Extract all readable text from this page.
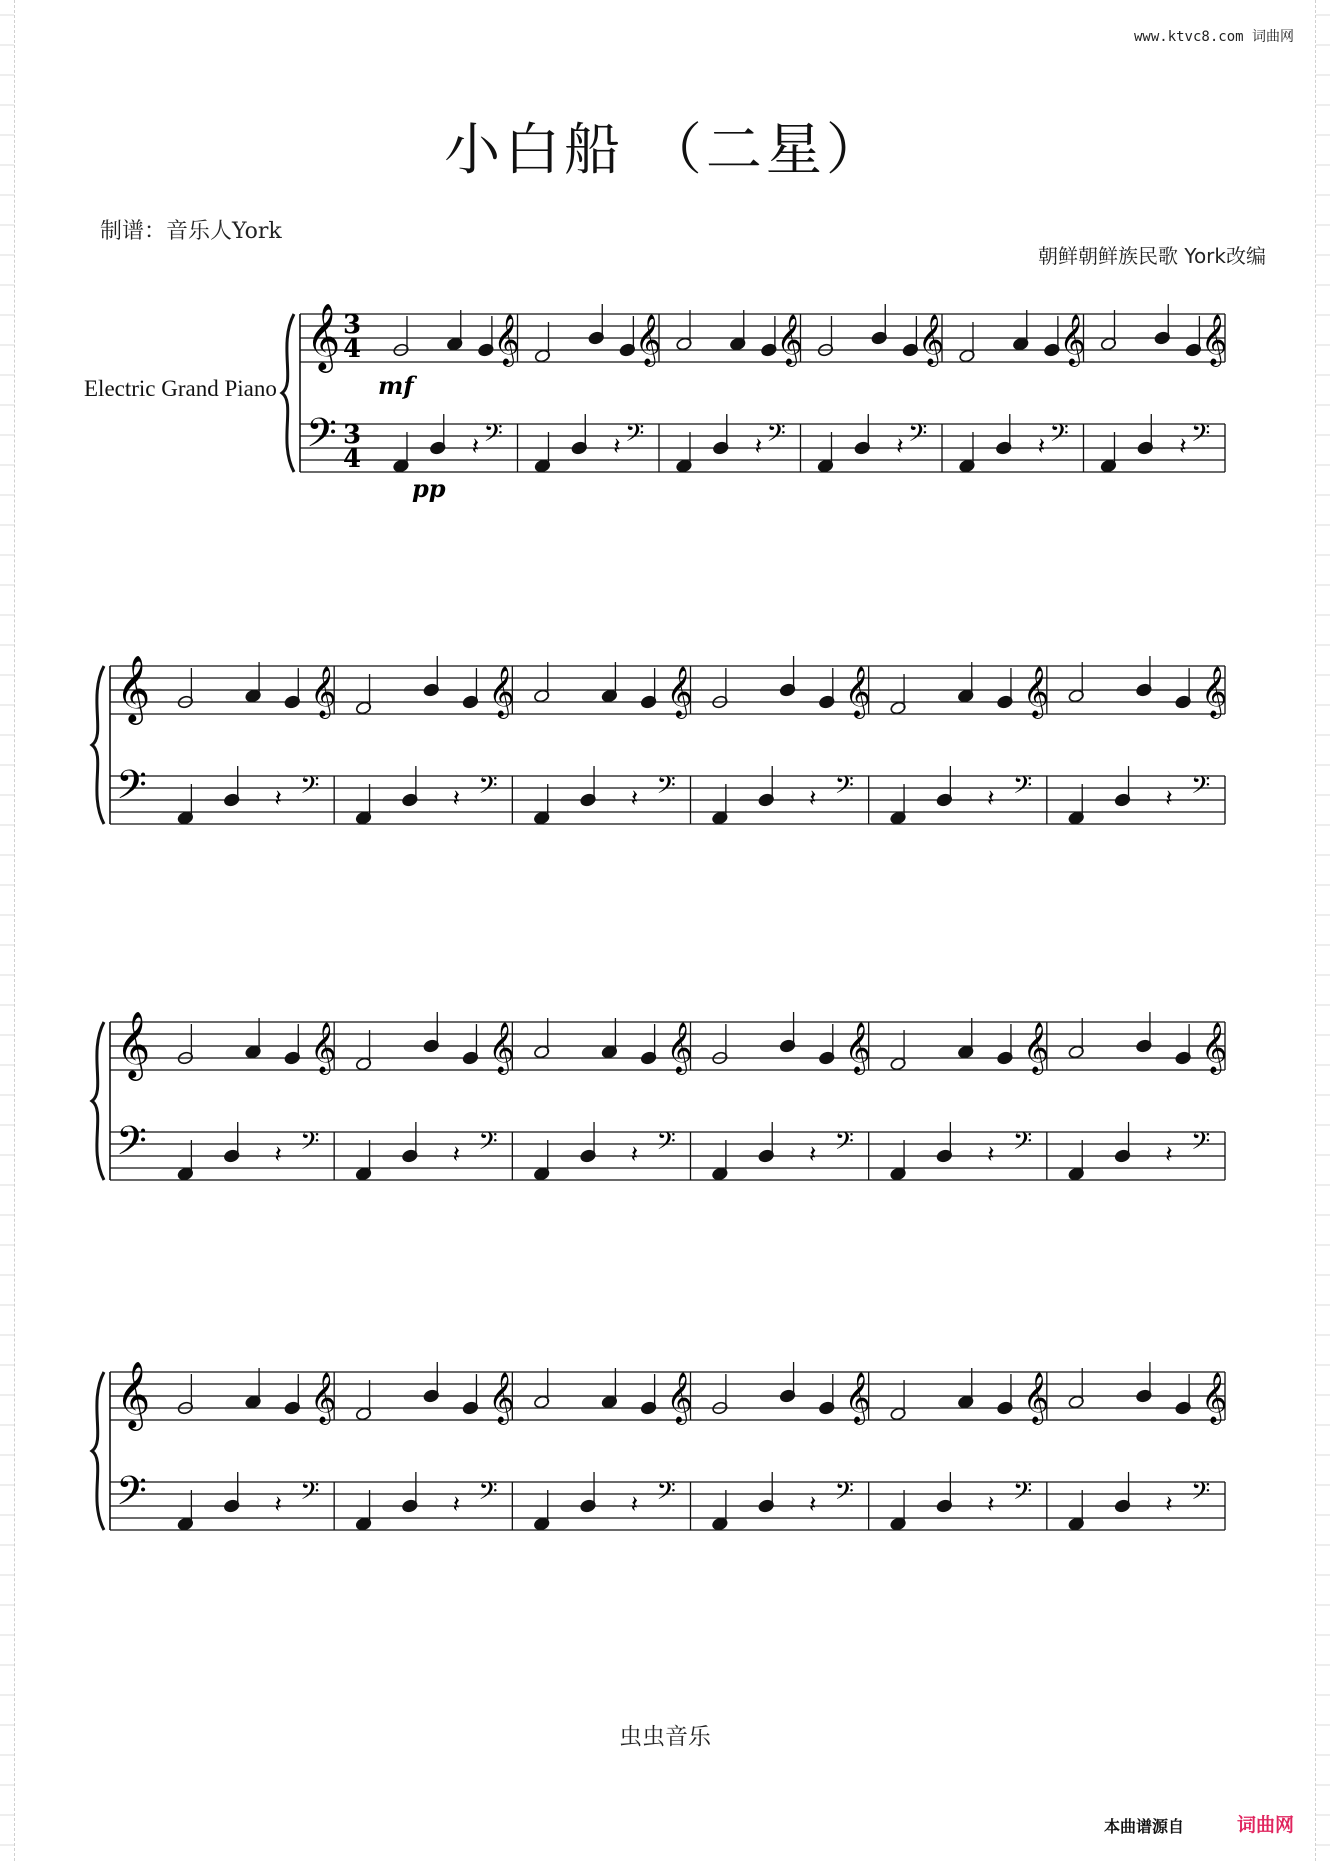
www.ktvc8.com 词曲网
小白船 （二星）
制谱：音乐人York
朝鲜朝鲜族民歌 York改编
Electric Grand Piano
𝄞
𝄢
𝄞
𝄢
𝄽
𝄞
𝄢
𝄽
𝄞
𝄢
𝄽
𝄞
𝄢
𝄽
𝄞
𝄢
𝄽
𝄞
𝄢
𝄽
𝄞
𝄢
𝄞
𝄢
𝄽
𝄞
𝄢
𝄽
𝄞
𝄢
𝄽
𝄞
𝄢
𝄽
𝄞
𝄢
𝄽
𝄞
𝄢
𝄽
𝄞
𝄢
𝄞
𝄢
𝄽
𝄞
𝄢
𝄽
𝄞
𝄢
𝄽
𝄞
𝄢
𝄽
𝄞
𝄢
𝄽
𝄞
𝄢
𝄽
𝄞
𝄢
𝄞
𝄢
𝄽
𝄞
𝄢
𝄽
𝄞
𝄢
𝄽
𝄞
𝄢
𝄽
𝄞
𝄢
𝄽
𝄞
𝄢
𝄽
3
4
3
4
mf
pp
虫虫音乐
本曲谱源自	词曲网
